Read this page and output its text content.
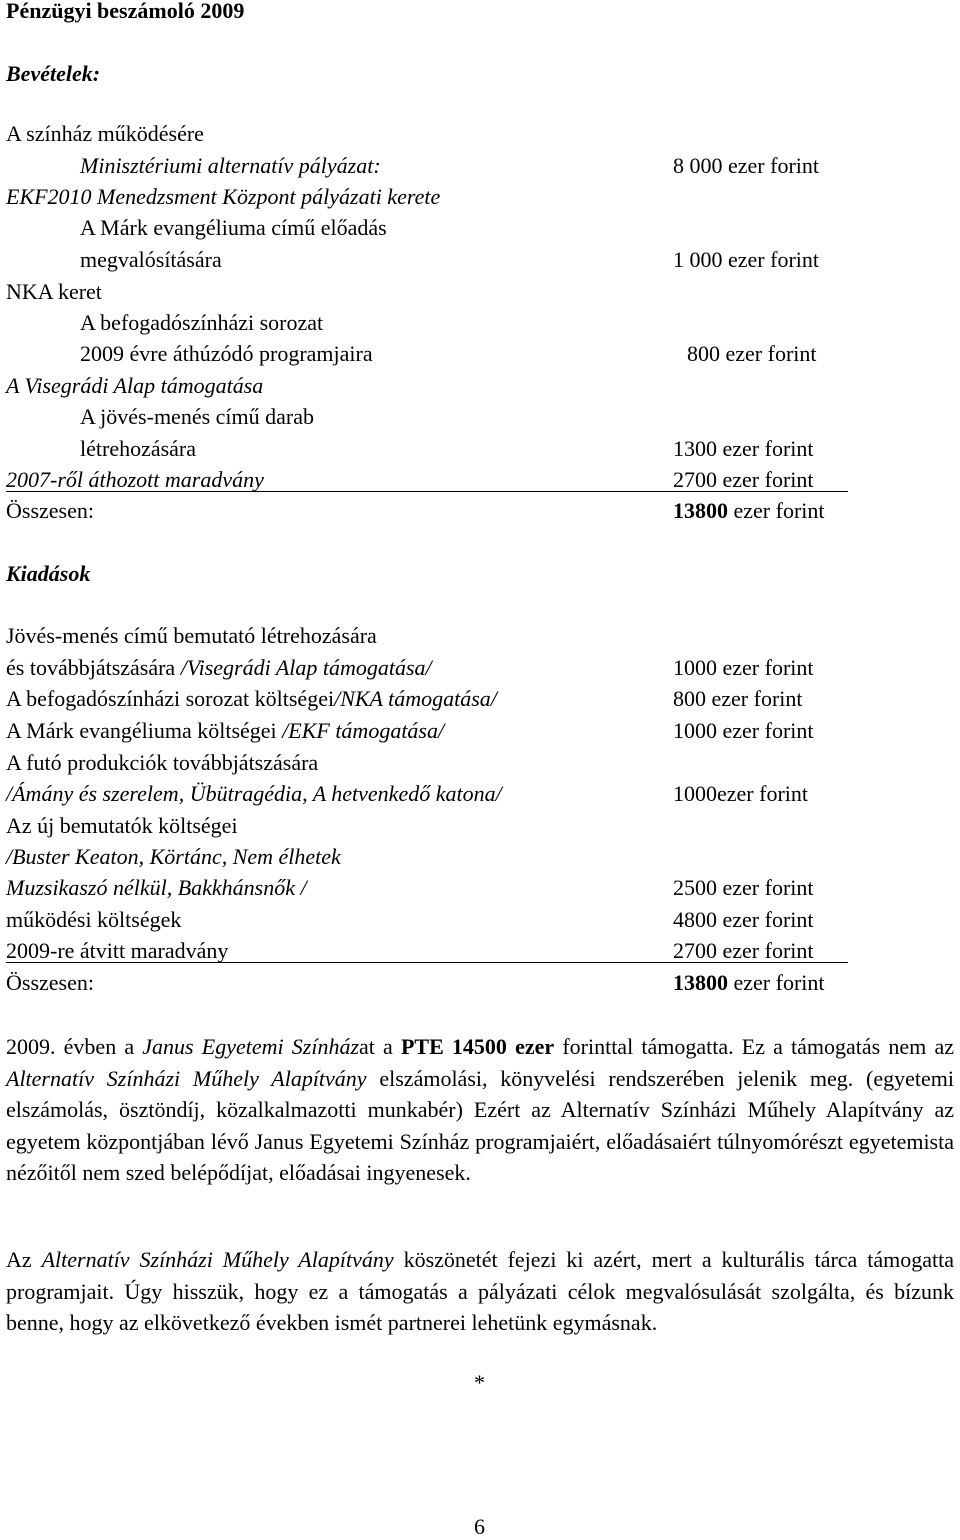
Pénzügyi beszámoló 2009
Bevételek:
A színház működésére
Minisztériumi alternatív pályázat:	8 000 ezer forint
EKF2010 Menedzsment Központ pályázati kerete
A Márk evangéliuma című előadás
megvalósítására	1 000 ezer forint
NKA keret
A befogadószínházi sorozat
2009 évre áthúzódó programjaira	800 ezer forint
A Visegrádi Alap támogatása
A jövés-menés című darab
létrehozására	1300 ezer forint
2007-ről áthozott maradvány	2700 ezer forint
Összesen:	13800 ezer forint
Kiadások
Jövés-menés című bemutató létrehozására
és továbbjátszására /Visegrádi Alap támogatása/	1000 ezer forint
A befogadószínházi sorozat költségei/NKA támogatása/	800 ezer forint
A Márk evangéliuma költségei /EKF támogatása/	1000 ezer forint
A futó produkciók továbbjátszására
/Ámány és szerelem, Übütragédia, A hetvenkedő katona/	1000ezer forint
Az új bemutatók költségei
/Buster Keaton, Körtánc, Nem élhetek
Muzsikaszó nélkül, Bakkhánsnők /	2500 ezer forint
működési költségek	4800 ezer forint
2009-re átvitt maradvány	2700 ezer forint
Összesen:	13800 ezer forint
2009. évben a Janus Egyetemi Színházat a PTE 14500 ezer forinttal támogatta. Ez a támogatás nem az Alternatív Színházi Műhely Alapítvány elszámolási, könyvelési rendszerében jelenik meg. (egyetemi elszámolás, ösztöndíj, közalkalmazotti munkabér) Ezért az Alternatív Színházi Műhely Alapítvány az egyetem központjában lévő Janus Egyetemi Színház programjaiért, előadásaiért túlnyomórészt egyetemista nézőitől nem szed belépődíjat, előadásai ingyenesek.
Az Alternatív Színházi Műhely Alapítvány köszönetét fejezi ki azért, mert a kulturális tárca támogatta programjait. Úgy hisszük, hogy ez a támogatás a pályázati célok megvalósulását szolgálta, és bízunk benne, hogy az elkövetkező években ismét partnerei lehetünk egymásnak.
*
6
